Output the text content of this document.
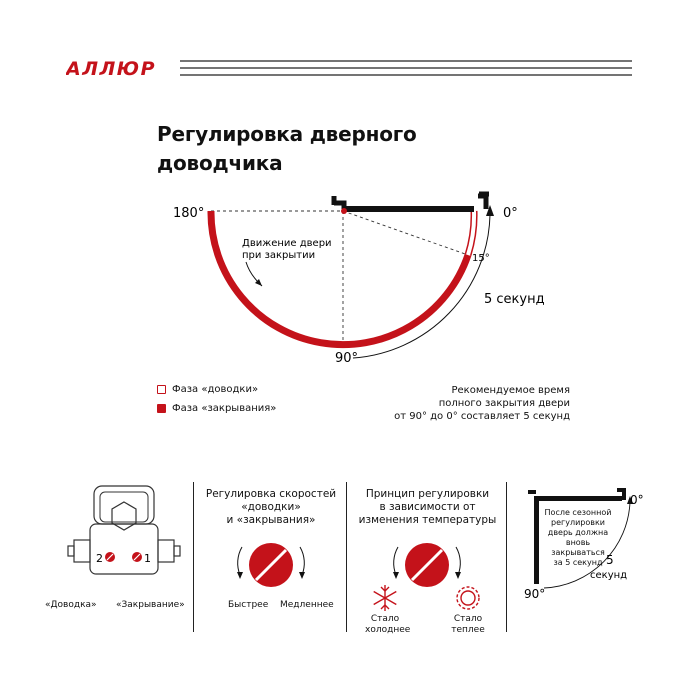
АЛЛЮР
Регулировка дверного
доводчика
180°	0°
15°
90°
Движение двери
при закрытии
5 секунд
Фаза «доводки»
Фаза «закрывания»
Рекомендуемое время
полного закрытия двери
от 90° до 0° составляет 5 секунд
2	1
«Доводка» «Закрывание»
Регулировка скоростей
«доводки»
и «закрывания»
Быстрее Медленнее
Принцип регулировки
в зависимости от
изменения температуры
Стало
холоднее
Стало
теплее
0°
90°
5
секунд
После сезонной
регулировки
дверь должна
вновь
закрываться
за 5 секунд
